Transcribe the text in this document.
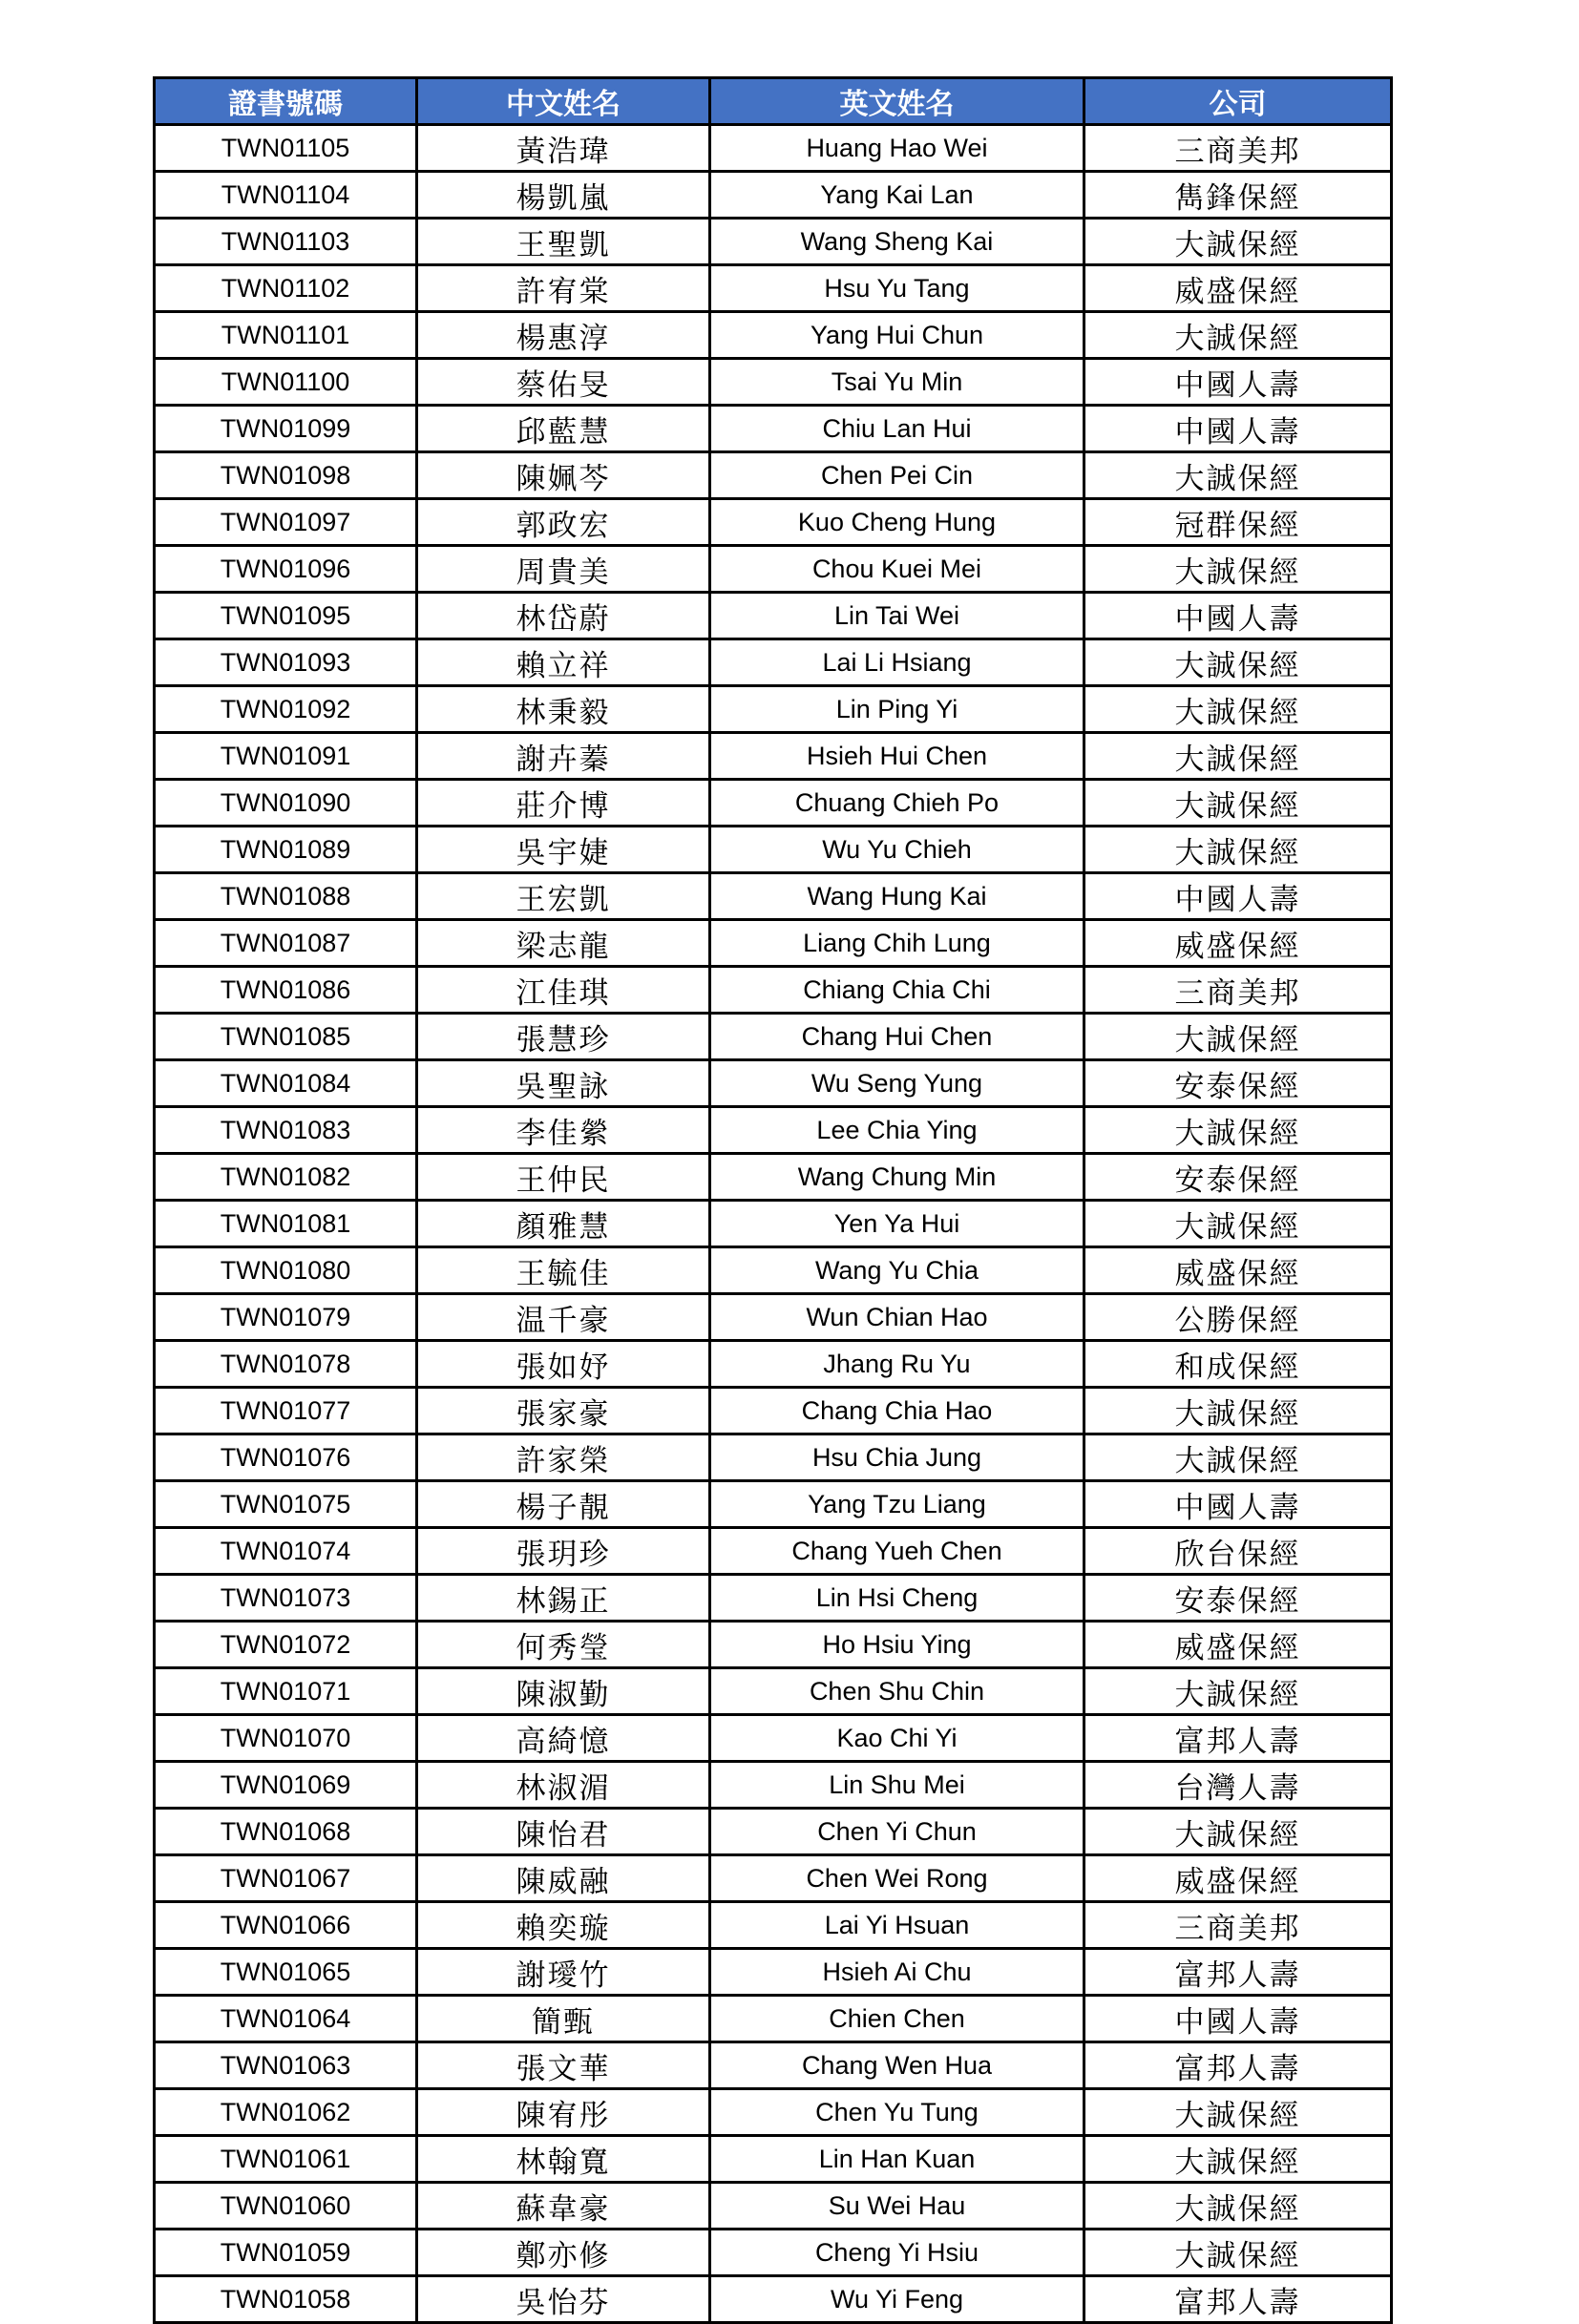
證書號碼	中文姓名	英文姓名	公司
TWN01105	黃浩瑋	Huang Hao Wei	三商美邦
TWN01104	楊凱嵐	Yang Kai Lan	雋鋒保經
TWN01103	王聖凱	Wang Sheng Kai	大誠保經
TWN01102	許宥棠	Hsu Yu Tang	威盛保經
TWN01101	楊惠淳	Yang Hui Chun	大誠保經
TWN01100	蔡佑旻	Tsai Yu Min	中國人壽
TWN01099	邱藍慧	Chiu Lan Hui	中國人壽
TWN01098	陳姵芩	Chen Pei Cin	大誠保經
TWN01097	郭政宏	Kuo Cheng Hung	冠群保經
TWN01096	周貴美	Chou Kuei Mei	大誠保經
TWN01095	林岱蔚	Lin Tai Wei	中國人壽
TWN01093	賴立祥	Lai Li Hsiang	大誠保經
TWN01092	林秉毅	Lin Ping Yi	大誠保經
TWN01091	謝卉蓁	Hsieh Hui Chen	大誠保經
TWN01090	莊介博	Chuang Chieh Po	大誠保經
TWN01089	吳宇婕	Wu Yu Chieh	大誠保經
TWN01088	王宏凱	Wang Hung Kai	中國人壽
TWN01087	梁志龍	Liang Chih Lung	威盛保經
TWN01086	江佳琪	Chiang Chia Chi	三商美邦
TWN01085	張慧珍	Chang Hui Chen	大誠保經
TWN01084	吳聖詠	Wu Seng Yung	安泰保經
TWN01083	李佳縈	Lee Chia Ying	大誠保經
TWN01082	王仲民	Wang Chung Min	安泰保經
TWN01081	顏雅慧	Yen Ya Hui	大誠保經
TWN01080	王毓佳	Wang Yu Chia	威盛保經
TWN01079	温千豪	Wun Chian Hao	公勝保經
TWN01078	張如妤	Jhang Ru Yu	和成保經
TWN01077	張家豪	Chang Chia Hao	大誠保經
TWN01076	許家榮	Hsu Chia Jung	大誠保經
TWN01075	楊子靚	Yang Tzu Liang	中國人壽
TWN01074	張玥珍	Chang Yueh Chen	欣台保經
TWN01073	林錫正	Lin Hsi Cheng	安泰保經
TWN01072	何秀瑩	Ho Hsiu Ying	威盛保經
TWN01071	陳淑勤	Chen Shu Chin	大誠保經
TWN01070	高綺憶	Kao Chi Yi	富邦人壽
TWN01069	林淑湄	Lin Shu Mei	台灣人壽
TWN01068	陳怡君	Chen Yi Chun	大誠保經
TWN01067	陳威融	Chen Wei Rong	威盛保經
TWN01066	賴奕璇	Lai Yi Hsuan	三商美邦
TWN01065	謝璦竹	Hsieh Ai Chu	富邦人壽
TWN01064	簡甄	Chien Chen	中國人壽
TWN01063	張文華	Chang Wen Hua	富邦人壽
TWN01062	陳宥彤	Chen Yu Tung	大誠保經
TWN01061	林翰寬	Lin Han Kuan	大誠保經
TWN01060	蘇韋豪	Su Wei Hau	大誠保經
TWN01059	鄭亦修	Cheng Yi Hsiu	大誠保經
TWN01058	吳怡芬	Wu Yi Feng	富邦人壽
